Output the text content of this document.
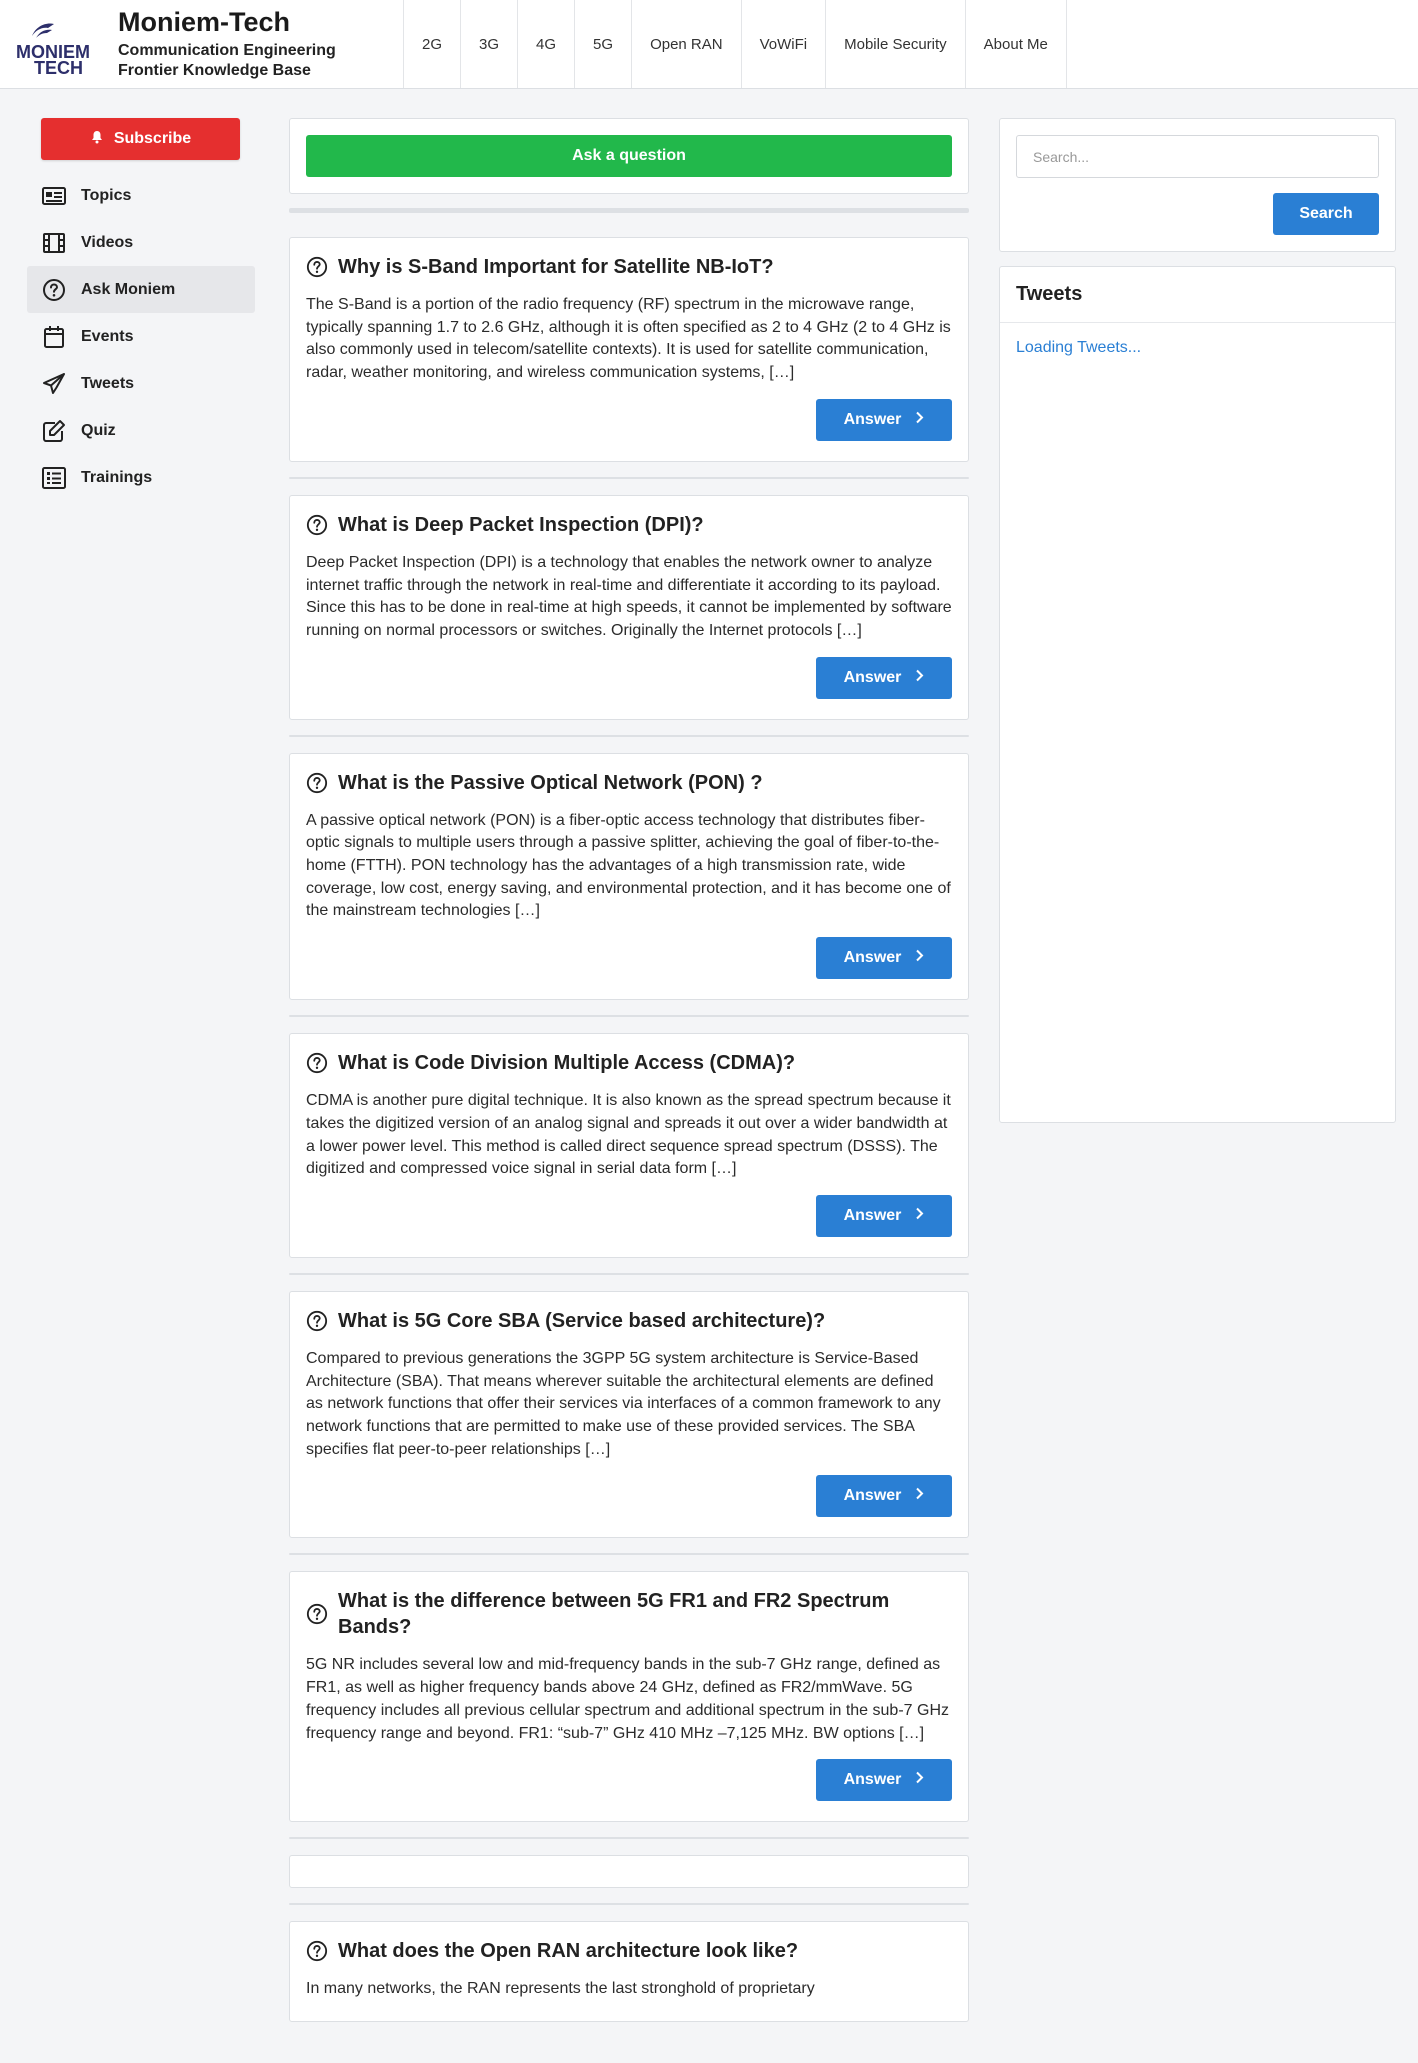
MONIEM
TECH
Moniem-Tech
Communication Engineering Frontier Knowledge Base
2G	3G	4G	5G	Open RAN	VoWiFi	Mobile Security	About Me
Subscribe
Topics
Videos
Ask Moniem
Events
Tweets
Quiz
Trainings
Ask a question
Why is S-Band Important for Satellite NB-IoT?
The S-Band is a portion of the radio frequency (RF) spectrum in the microwave range, typically spanning 1.7 to 2.6 GHz, although it is often specified as 2 to 4 GHz (2 to 4 GHz is also commonly used in telecom/satellite contexts). It is used for satellite communication, radar, weather monitoring, and wireless communication systems, […]
Answer
What is Deep Packet Inspection (DPI)?
Deep Packet Inspection (DPI) is a technology that enables the network owner to analyze internet traffic through the network in real-time and differentiate it according to its payload. Since this has to be done in real-time at high speeds, it cannot be implemented by software running on normal processors or switches. Originally the Internet protocols […]
Answer
What is the Passive Optical Network (PON) ?
A passive optical network (PON) is a fiber-optic access technology that distributes fiber-optic signals to multiple users through a passive splitter, achieving the goal of fiber-to-the-home (FTTH). PON technology has the advantages of a high transmission rate, wide coverage, low cost, energy saving, and environmental protection, and it has become one of the mainstream technologies […]
Answer
What is Code Division Multiple Access (CDMA)?
CDMA is another pure digital technique. It is also known as the spread spectrum because it takes the digitized version of an analog signal and spreads it out over a wider bandwidth at a lower power level. This method is called direct sequence spread spectrum (DSSS). The digitized and compressed voice signal in serial data form […]
Answer
What is 5G Core SBA (Service based architecture)?
Compared to previous generations the 3GPP 5G system architecture is Service-Based Architecture (SBA). That means wherever suitable the architectural elements are defined as network functions that offer their services via interfaces of a common framework to any network functions that are permitted to make use of these provided services. The SBA specifies flat peer-to-peer relationships […]
Answer
What is the difference between 5G FR1 and FR2 Spectrum Bands?
5G NR includes several low and mid-frequency bands in the sub-7 GHz range, defined as FR1, as well as higher frequency bands above 24 GHz, defined as FR2/mmWave. 5G frequency includes all previous cellular spectrum and additional spectrum in the sub-7 GHz frequency range and beyond. FR1: “sub-7” GHz 410 MHz –7,125 MHz. BW options […]
Answer
What does the Open RAN architecture look like?
In many networks, the RAN represents the last stronghold of proprietary
Search...
Search
Tweets
Loading Tweets...
